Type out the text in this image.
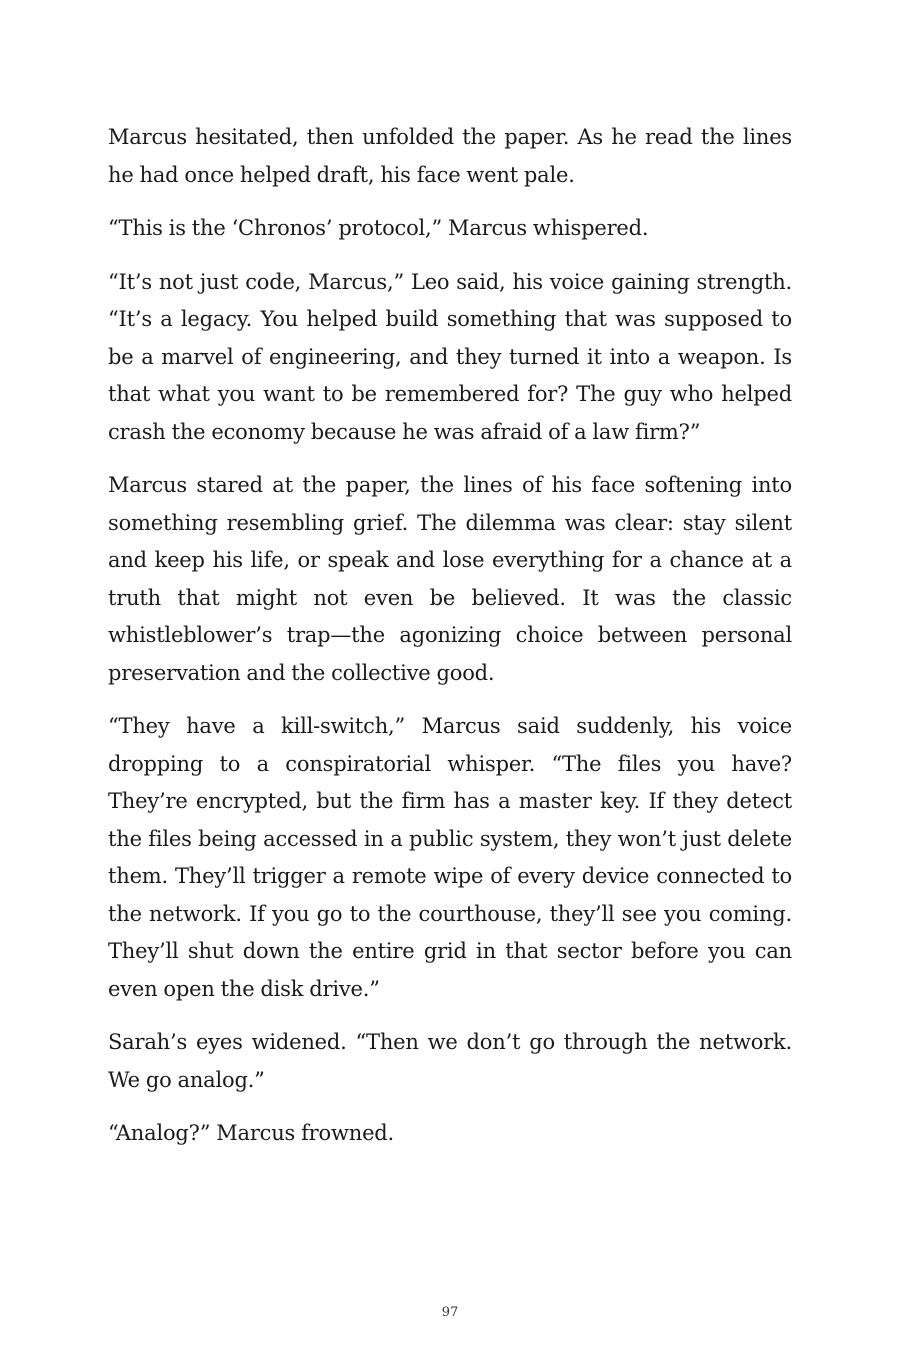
Marcus hesitated, then unfolded the paper. As he read the lines he had once helped draft, his face went pale.

“This is the ‘Chronos’ protocol,” Marcus whispered.

“It’s not just code, Marcus,” Leo said, his voice gaining strength. “It’s a legacy. You helped build something that was supposed to be a marvel of engineering, and they turned it into a weapon. Is that what you want to be remembered for? The guy who helped crash the economy because he was afraid of a law firm?”

Marcus stared at the paper, the lines of his face softening into something resembling grief. The dilemma was clear: stay silent and keep his life, or speak and lose everything for a chance at a truth that might not even be believed. It was the classic whistleblower’s trap—the agonizing choice between personal preservation and the collective good.

“They have a kill-switch,” Marcus said suddenly, his voice dropping to a conspiratorial whisper. “The files you have? They’re encrypted, but the firm has a master key. If they detect the files being accessed in a public system, they won’t just delete them. They’ll trigger a remote wipe of every device connected to the network. If you go to the courthouse, they’ll see you coming. They’ll shut down the entire grid in that sector before you can even open the disk drive.”

Sarah’s eyes widened. “Then we don’t go through the network. We go analog.”

“Analog?” Marcus frowned.

97
